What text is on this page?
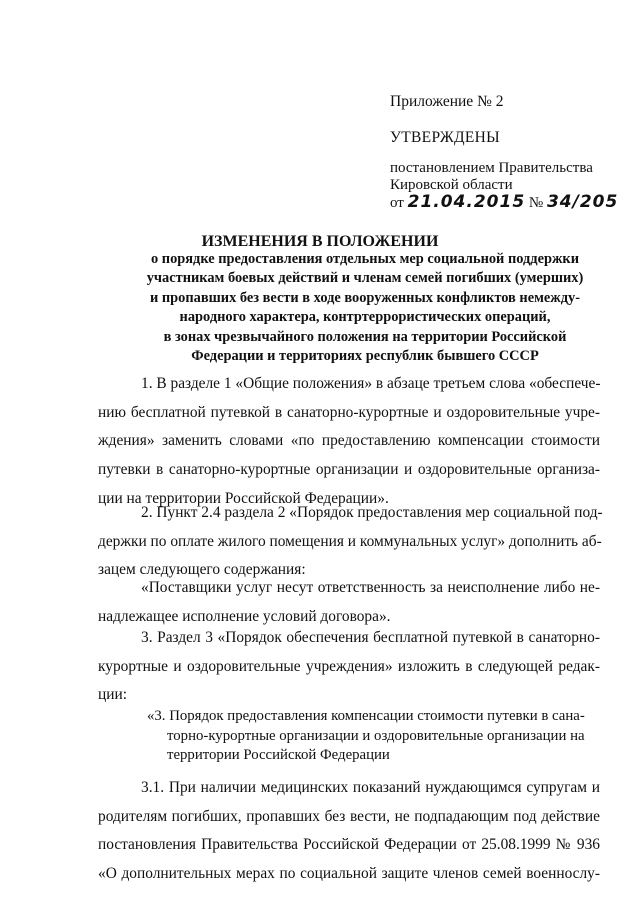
Приложение № 2
УТВЕРЖДЕНЫ
постановлением Правительства
Кировской области
от 21.04.2015 № 34/205
ИЗМЕНЕНИЯ В ПОЛОЖЕНИИ
о порядке предоставления отдельных мер социальной поддержки
участникам боевых действий и членам семей погибших (умерших)
и пропавших без вести в ходе вооруженных конфликтов немежду-
народного характера, контртеррористических операций,
в зонах чрезвычайного положения на территории Российской
Федерации и территориях республик бывшего СССР
1. В разделе 1 «Общие положения» в абзаце третьем слова «обеспече-
нию бесплатной путевкой в санаторно-курортные и оздоровительные учре-
ждения» заменить словами «по предоставлению компенсации стоимости
путевки в санаторно-курортные организации и оздоровительные организа-
ции на территории Российской Федерации».
2. Пункт 2.4 раздела 2 «Порядок предоставления мер социальной под-
держки по оплате жилого помещения и коммунальных услуг» дополнить аб-
зацем следующего содержания:
«Поставщики услуг несут ответственность за неисполнение либо не-
надлежащее исполнение условий договора».
3. Раздел 3 «Порядок обеспечения бесплатной путевкой в санаторно-
курортные и оздоровительные учреждения» изложить в следующей редак-
ции:
«3. Порядок предоставления компенсации стоимости путевки в сана-
торно-курортные организации и оздоровительные организации на
территории Российской Федерации
3.1. При наличии медицинских показаний нуждающимся супругам и
родителям погибших, пропавших без вести, не подпадающим под действие
постановления Правительства Российской Федерации от 25.08.1999 № 936
«О дополнительных мерах по социальной защите членов семей военнослу-
